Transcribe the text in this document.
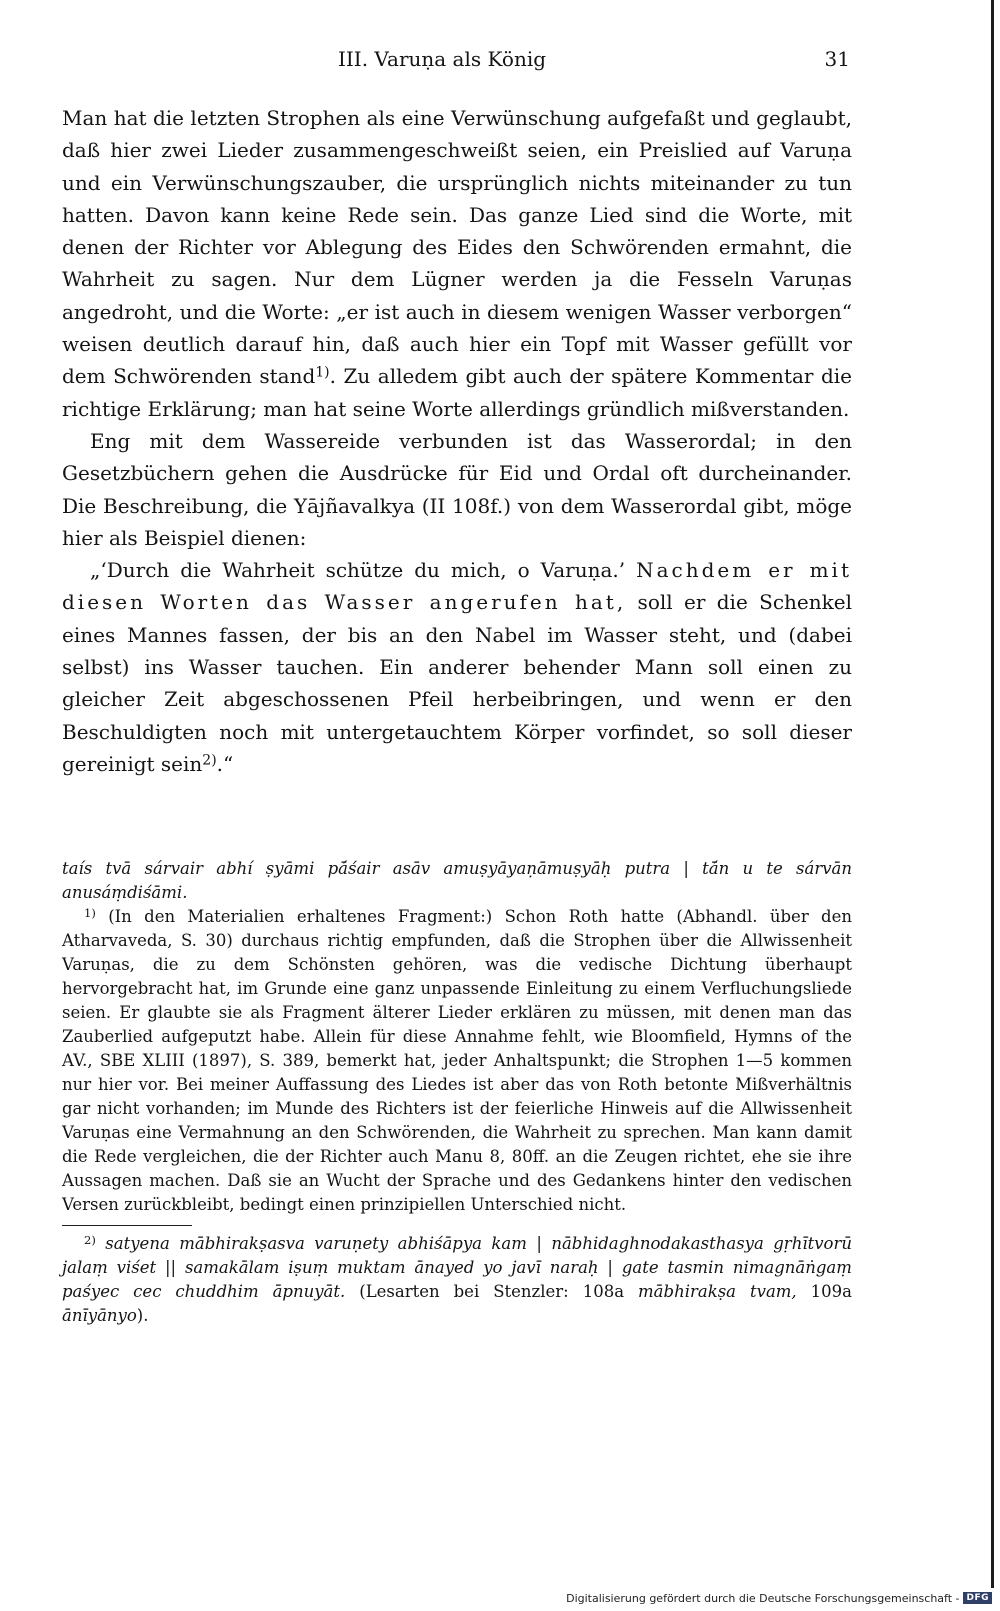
III. Varuṇa als König	31

Man hat die letzten Strophen als eine Verwünschung aufgefaßt und geglaubt, daß hier zwei Lieder zusammengeschweißt seien, ein Preislied auf Varuṇa und ein Verwünschungszauber, die ursprünglich nichts miteinander zu tun hatten. Davon kann keine Rede sein. Das ganze Lied sind die Worte, mit denen der Richter vor Ablegung des Eides den Schwörenden ermahnt, die Wahrheit zu sagen. Nur dem Lügner werden ja die Fesseln Varuṇas angedroht, und die Worte: „er ist auch in diesem wenigen Wasser verborgen“ weisen deutlich darauf hin, daß auch hier ein Topf mit Wasser gefüllt vor dem Schwörenden stand$^{1)}$. Zu alledem gibt auch der spätere Kommentar die richtige Erklärung; man hat seine Worte allerdings gründlich mißverstanden.

Eng mit dem Wassereide verbunden ist das Wasserordal; in den Gesetzbüchern gehen die Ausdrücke für Eid und Ordal oft durcheinander. Die Beschreibung, die Yājñavalkya (II 108f.) von dem Wasserordal gibt, möge hier als Beispiel dienen:

„‘Durch die Wahrheit schütze du mich, o Varuṇa.’ Nachdem er mit diesen Worten das Wasser angerufen hat, soll er die Schenkel eines Mannes fassen, der bis an den Nabel im Wasser steht, und (dabei selbst) ins Wasser tauchen. Ein anderer behender Mann soll einen zu gleicher Zeit abgeschossenen Pfeil herbeibringen, und wenn er den Beschuldigten noch mit untergetauchtem Körper vorfindet, so soll dieser gereinigt sein$^{2)}$.“

taís tvā sárvair abhí ṣyāmi pā́śair asāv amuṣyāyaṇāmuṣyāḥ putra | tā́n u te sárvān anusáṃdiśāmi.

$^{1)}$ (In den Materialien erhaltenes Fragment:) Schon Roth hatte (Abhandl. über den Atharvaveda, S. 30) durchaus richtig empfunden, daß die Strophen über die Allwissenheit Varuṇas, die zu dem Schönsten gehören, was die vedische Dichtung überhaupt hervorgebracht hat, im Grunde eine ganz unpassende Einleitung zu einem Verfluchungsliede seien. Er glaubte sie als Fragment älterer Lieder erklären zu müssen, mit denen man das Zauberlied aufgeputzt habe. Allein für diese Annahme fehlt, wie Bloomfield, Hymns of the AV., SBE XLIII (1897), S. 389, bemerkt hat, jeder Anhaltspunkt; die Strophen 1—5 kommen nur hier vor. Bei meiner Auffassung des Liedes ist aber das von Roth betonte Mißverhältnis gar nicht vorhanden; im Munde des Richters ist der feierliche Hinweis auf die Allwissenheit Varuṇas eine Vermahnung an den Schwörenden, die Wahrheit zu sprechen. Man kann damit die Rede vergleichen, die der Richter auch Manu 8, 80ff. an die Zeugen richtet, ehe sie ihre Aussagen machen. Daß sie an Wucht der Sprache und des Gedankens hinter den vedischen Versen zurückbleibt, bedingt einen prinzipiellen Unterschied nicht.

$^{2)}$ satyena mābhirakṣasva varuṇety abhiśāpya kam | nābhidaghnodakasthasya gṛhītvorū jalaṃ viśet || samakālam iṣuṃ muktam ānayed yo javī naraḥ | gate tasmin nimagnāṅgaṃ paśyec cec chuddhim āpnuyāt. (Lesarten bei Stenzler: 108a mābhirakṣa tvam, 109a ānīyānyo).

Digitalisierung gefördert durch die Deutsche Forschungsgemeinschaft - DFG
